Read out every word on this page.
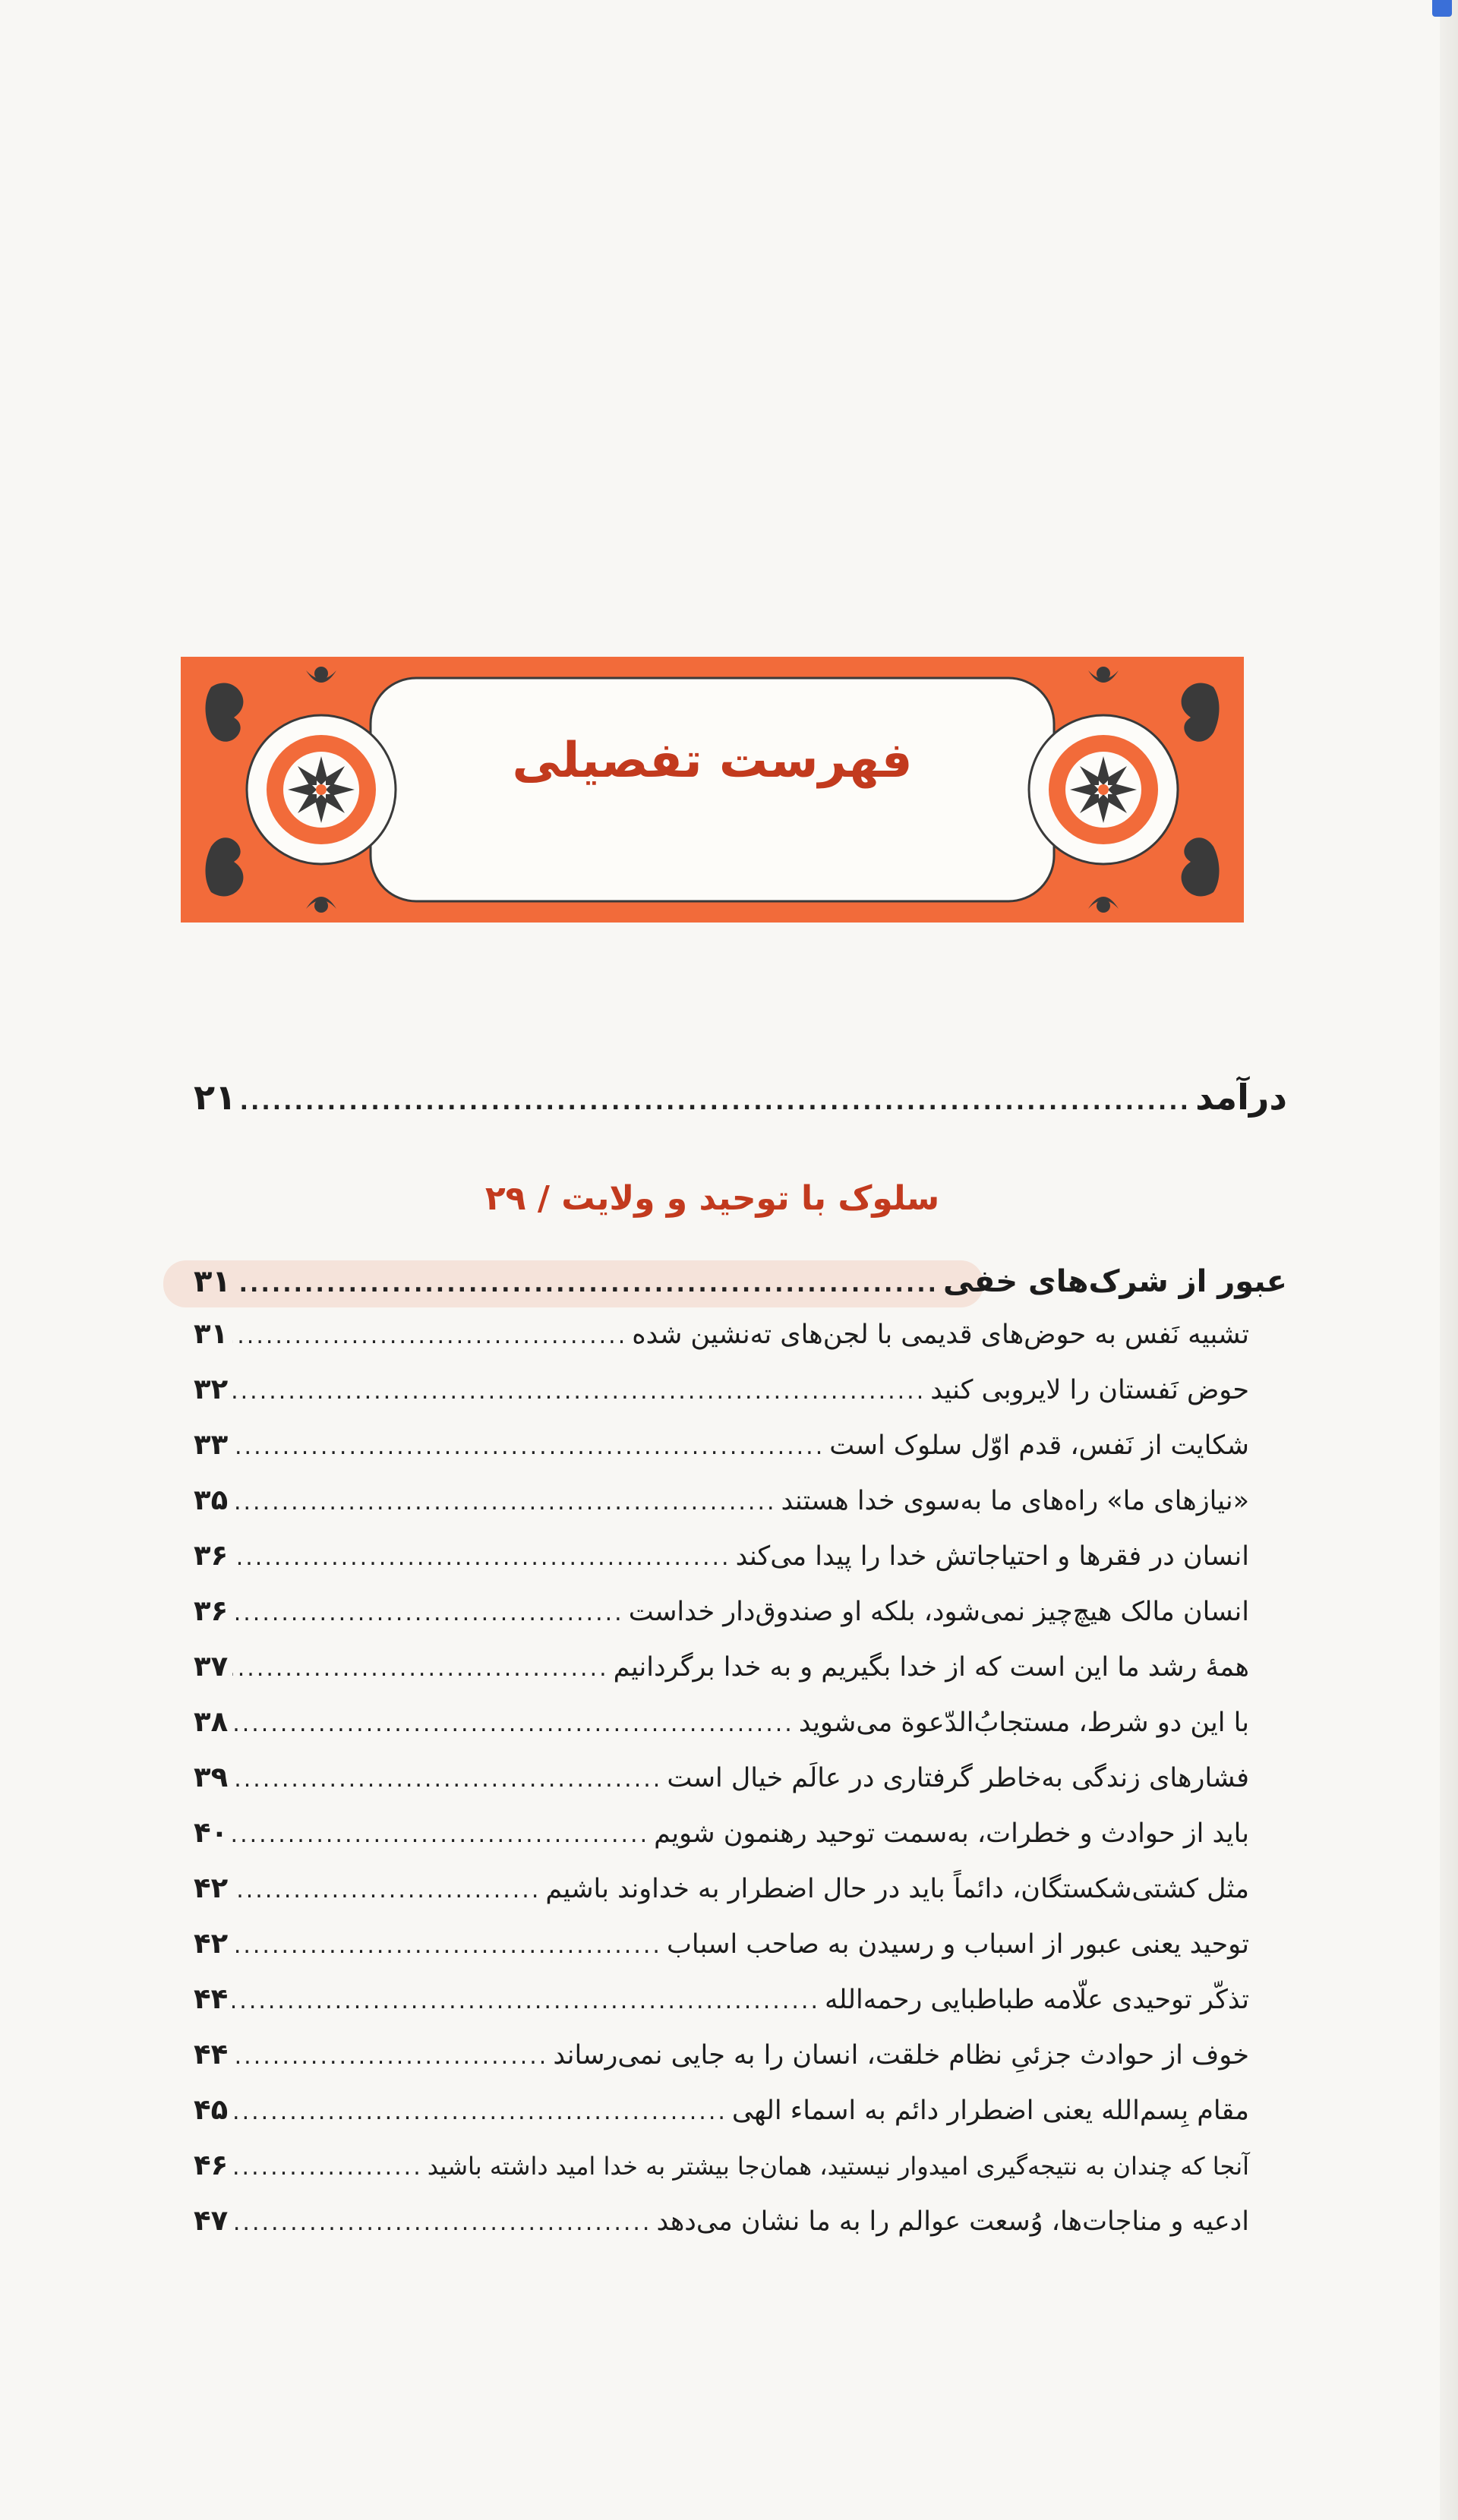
فهرست تفصیلی
درآمد
.....
۲۱
سلوک با توحید و ولایت / ۲۹
عبور از شرک‌های خفی
.....
۳۱
تشبیه نَفس به حوض‌های قدیمی با لجن‌های ته‌نشین شده
.....
۳۱
حوض نَفستان را لایروبی کنید
.....
۳۲
شکایت از نَفس، قدم اوّل سلوک است
.....
۳۳
«نیازهای ما» راه‌های ما به‌سوی خدا هستند
.....
۳۵
انسان در فقرها و احتیاجاتش خدا را پیدا می‌کند
.....
۳۶
انسان مالک هیچ‌چیز نمی‌شود، بلکه او صندوق‌دار خداست
.....
۳۶
همهٔ رشد ما این است که از خدا بگیریم و به خدا برگردانیم
.....
۳۷
با این دو شرط، مستجابُ‌الدّعوة می‌شوید
.....
۳۸
فشارهای زندگی به‌خاطر گرفتاری در عالَم خیال است
.....
۳۹
باید از حوادث و خطرات، به‌سمت توحید رهنمون شویم
.....
۴۰
مثل کشتی‌شکستگان، دائماً باید در حال اضطرار به خداوند باشیم
.....
۴۲
توحید یعنی عبور از اسباب و رسیدن به صاحب اسباب
.....
۴۲
تذکّر توحیدی علّامه طباطبایی رحمه‌الله
.....
۴۴
خوف از حوادث جزئیِ نظام خلقت، انسان را به جایی نمی‌رساند
.....
۴۴
مقام بِسم‌الله یعنی اضطرار دائم به اسماء الهی
.....
۴۵
آنجا که چندان به نتیجه‌گیری امیدوار نیستید، همان‌جا بیشتر به خدا امید داشته باشید
.....
۴۶
ادعیه و مناجات‌ها، وُسعت عوالم را به ما نشان می‌دهد
.....
۴۷
